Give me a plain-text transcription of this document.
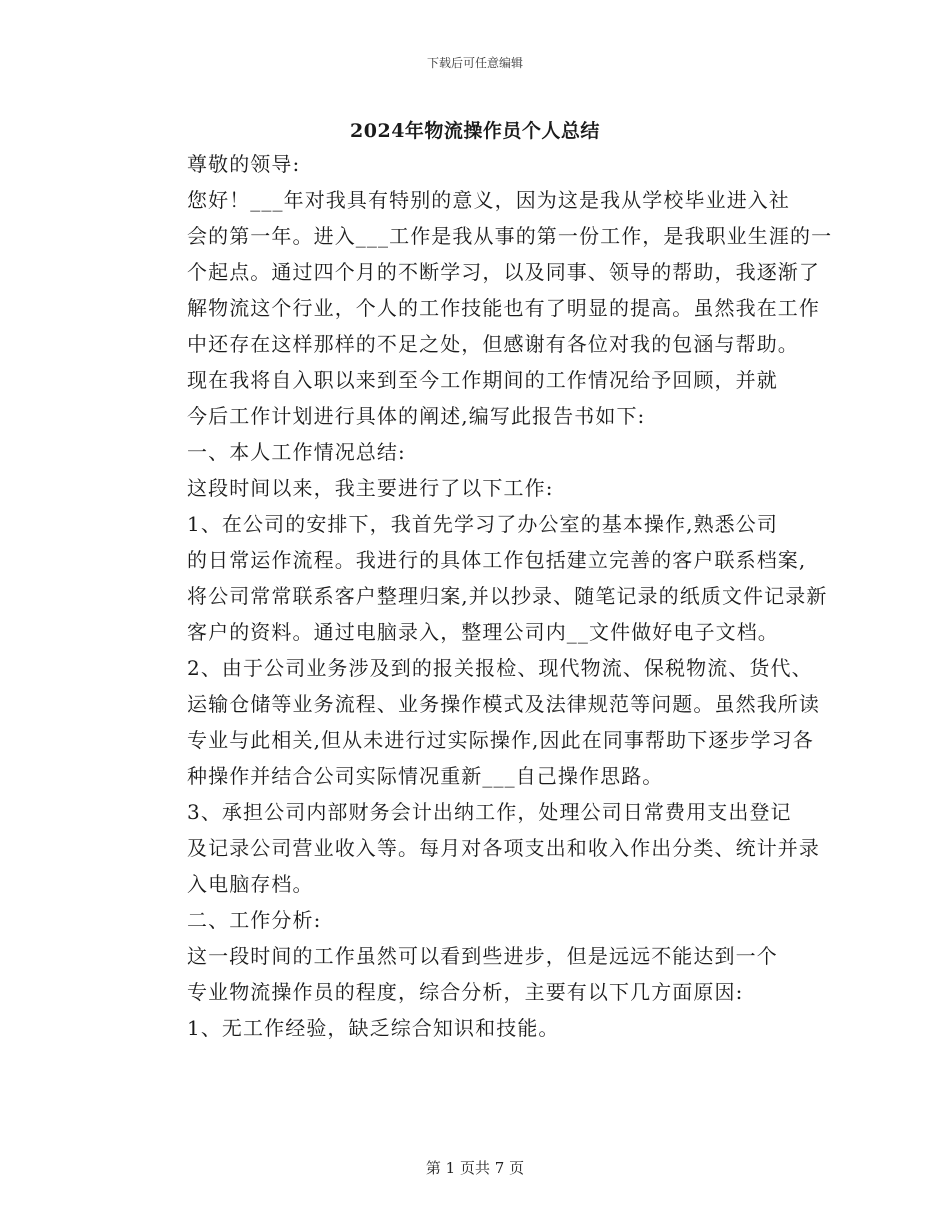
下载后可任意编辑
2024年物流操作员个人总结

尊敬的领导:

您好！___年对我具有特别的意义，因为这是我从学校毕业进入社
会的第一年。进入___工作是我从事的第一份工作，是我职业生涯的一
个起点。通过四个月的不断学习，以及同事、领导的帮助，我逐渐了
解物流这个行业，个人的工作技能也有了明显的提高。虽然我在工作
中还存在这样那样的不足之处，但感谢有各位对我的包涵与帮助。

现在我将自入职以来到至今工作期间的工作情况给予回顾，并就
今后工作计划进行具体的阐述,编写此报告书如下:

一、本人工作情况总结:

这段时间以来，我主要进行了以下工作:

1、在公司的安排下，我首先学习了办公室的基本操作,熟悉公司
的日常运作流程。我进行的具体工作包括建立完善的客户联系档案,
将公司常常联系客户整理归案,并以抄录、随笔记录的纸质文件记录新
客户的资料。通过电脑录入，整理公司内__文件做好电子文档。

2、由于公司业务涉及到的报关报检、现代物流、保税物流、货代、
运输仓储等业务流程、业务操作模式及法律规范等问题。虽然我所读
专业与此相关,但从未进行过实际操作,因此在同事帮助下逐步学习各
种操作并结合公司实际情况重新___自己操作思路。

3、承担公司内部财务会计出纳工作，处理公司日常费用支出登记
及记录公司营业收入等。每月对各项支出和收入作出分类、统计并录
入电脑存档。

二、工作分析:

这一段时间的工作虽然可以看到些进步，但是远远不能达到一个
专业物流操作员的程度，综合分析，主要有以下几方面原因:

1、无工作经验，缺乏综合知识和技能。

第 1 页共 7 页
